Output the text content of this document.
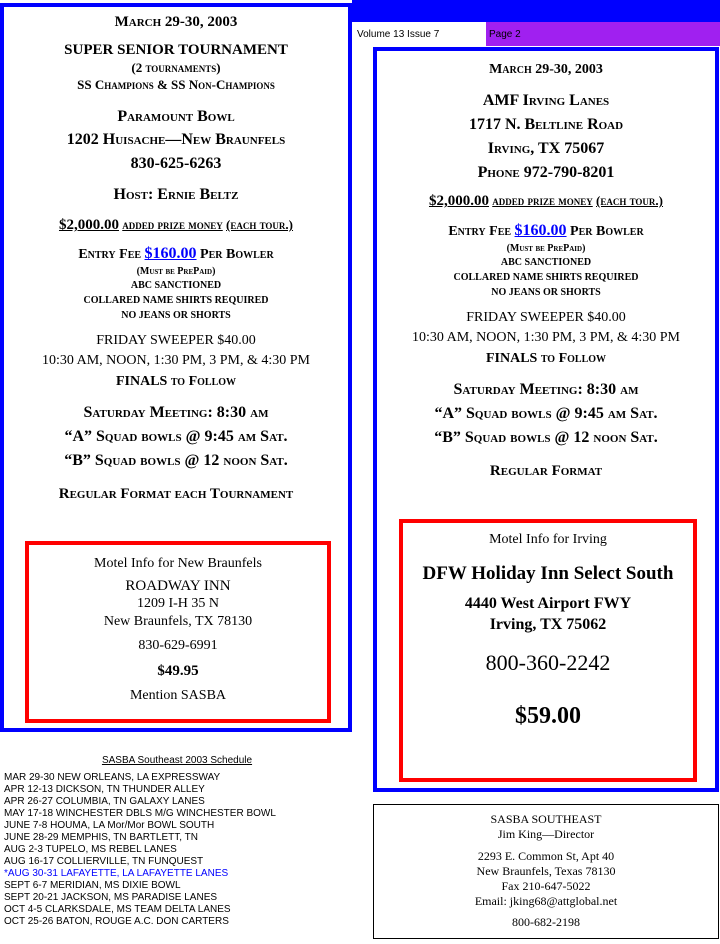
Volume 13 Issue 7	Page 2
March 29-30, 2003
SUPER SENIOR TOURNAMENT
(2 tournaments)
SS Champions & SS Non-Champions
Paramount Bowl
1202 Huisache—New Braunfels
830-625-6263
Host: Ernie Beltz
$2,000.00 added prize money (each tour.)
Entry Fee $160.00 Per Bowler
(Must be PrePaid)
ABC SANCTIONED
COLLARED NAME SHIRTS REQUIRED
NO JEANS OR SHORTS
FRIDAY SWEEPER $40.00
10:30 AM, NOON, 1:30 PM, 3 PM, & 4:30 PM
FINALS to Follow
Saturday Meeting: 8:30 am
“A” Squad bowls @ 9:45 am Sat.
“B” Squad bowls @ 12 noon Sat.
Regular Format each Tournament
Motel Info for New Braunfels
ROADWAY INN
1209 I-H 35 N
New Braunfels, TX 78130
830-629-6991
$49.95
Mention SASBA
March 29-30, 2003
AMF Irving Lanes
1717 N. Beltline Road
Irving, TX 75067
Phone 972-790-8201
$2,000.00 added prize money (each tour.)
Entry Fee $160.00 Per Bowler
(Must be PrePaid)
ABC SANCTIONED
COLLARED NAME SHIRTS REQUIRED
NO JEANS OR SHORTS
FRIDAY SWEEPER $40.00
10:30 AM, NOON, 1:30 PM, 3 PM, & 4:30 PM
FINALS to Follow
Saturday Meeting: 8:30 am
“A” Squad bowls @ 9:45 am Sat.
“B” Squad bowls @ 12 noon Sat.
Regular Format
Motel Info for Irving
DFW Holiday Inn Select South
4440 West Airport FWY
Irving, TX 75062
800-360-2242
$59.00
SASBA Southeast 2003 Schedule
MAR 29-30 NEW ORLEANS, LA EXPRESSWAY
APR 12-13 DICKSON, TN THUNDER ALLEY
APR 26-27 COLUMBIA, TN GALAXY LANES
MAY 17-18 WINCHESTER DBLS M/G WINCHESTER BOWL
JUNE 7-8 HOUMA, LA Mor/Mor BOWL SOUTH
JUNE 28-29 MEMPHIS, TN BARTLETT, TN
AUG 2-3 TUPELO, MS REBEL LANES
AUG 16-17 COLLIERVILLE, TN FUNQUEST
*AUG 30-31 LAFAYETTE, LA LAFAYETTE LANES
SEPT 6-7 MERIDIAN, MS DIXIE BOWL
SEPT 20-21 JACKSON, MS PARADISE LANES
OCT 4-5 CLARKSDALE, MS TEAM DELTA LANES
OCT 25-26 BATON, ROUGE A.C. DON CARTERS
SASBA SOUTHEAST
Jim King—Director
2293 E. Common St, Apt 40
New Braunfels, Texas 78130
Fax 210-647-5022
Email: jking68@attglobal.net
800-682-2198
